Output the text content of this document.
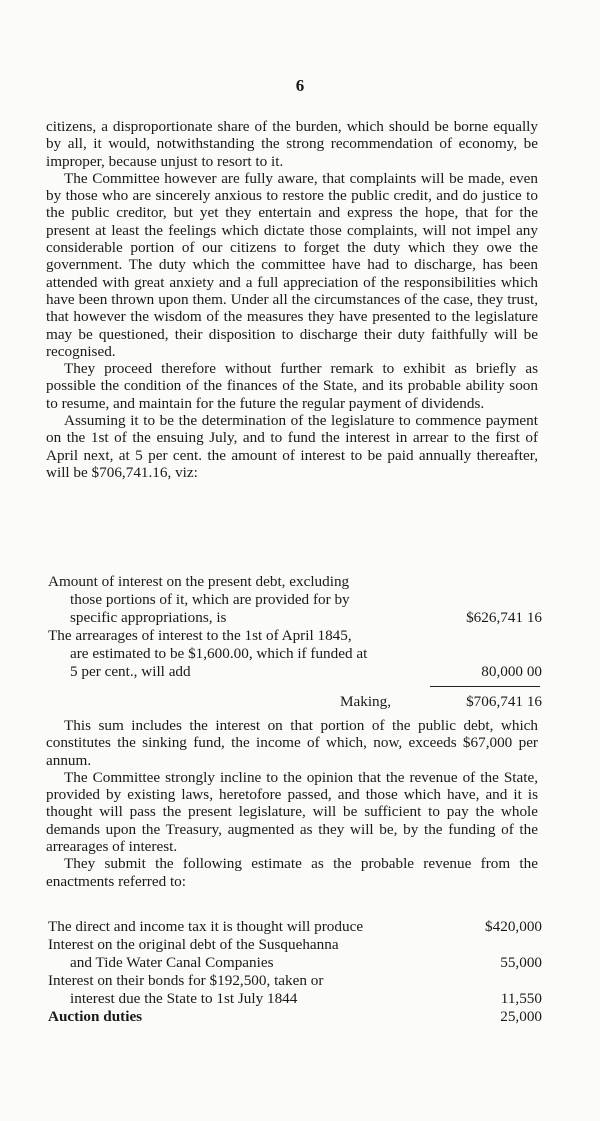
6

citizens, a disproportionate share of the burden, which should be borne equally by all, it would, notwithstanding the strong recommendation of economy, be improper, because unjust to resort to it.

The Committee however are fully aware, that complaints will be made, even by those who are sincerely anxious to restore the public credit, and do justice to the public creditor, but yet they entertain and express the hope, that for the present at least the feelings which dictate those complaints, will not impel any considerable portion of our citizens to forget the duty which they owe the government. The duty which the committee have had to discharge, has been attended with great anxiety and a full appreciation of the responsibilities which have been thrown upon them. Under all the circumstances of the case, they trust, that however the wisdom of the measures they have presented to the legislature may be questioned, their disposition to discharge their duty faithfully will be recognised.

They proceed therefore without further remark to exhibit as briefly as possible the condition of the finances of the State, and its probable ability soon to resume, and maintain for the future the regular payment of dividends.

Assuming it to be the determination of the legislature to commence payment on the 1st of the ensuing July, and to fund the interest in arrear to the first of April next, at 5 per cent. the amount of interest to be paid annually thereafter, will be $706,741.16, viz:

Amount of interest on the present debt, excluding
those portions of it, which are provided for by
specific appropriations, is	$626,741 16
The arrearages of interest to the 1st of April 1845,
are estimated to be $1,600.00, which if funded at
5 per cent., will add	80,000 00
Making,	$706,741 16

This sum includes the interest on that portion of the public debt, which constitutes the sinking fund, the income of which, now, exceeds $67,000 per annum.

The Committee strongly incline to the opinion that the revenue of the State, provided by existing laws, heretofore passed, and those which have, and it is thought will pass the present legislature, will be sufficient to pay the whole demands upon the Treasury, augmented as they will be, by the funding of the arrearages of interest.

They submit the following estimate as the probable revenue from the enactments referred to:

The direct and income tax it is thought will produce	$420,000
Interest on the original debt of the Susquehanna
and Tide Water Canal Companies	55,000
Interest on their bonds for $192,500, taken or
interest due the State to 1st July 1844	11,550
Auction duties	25,000
